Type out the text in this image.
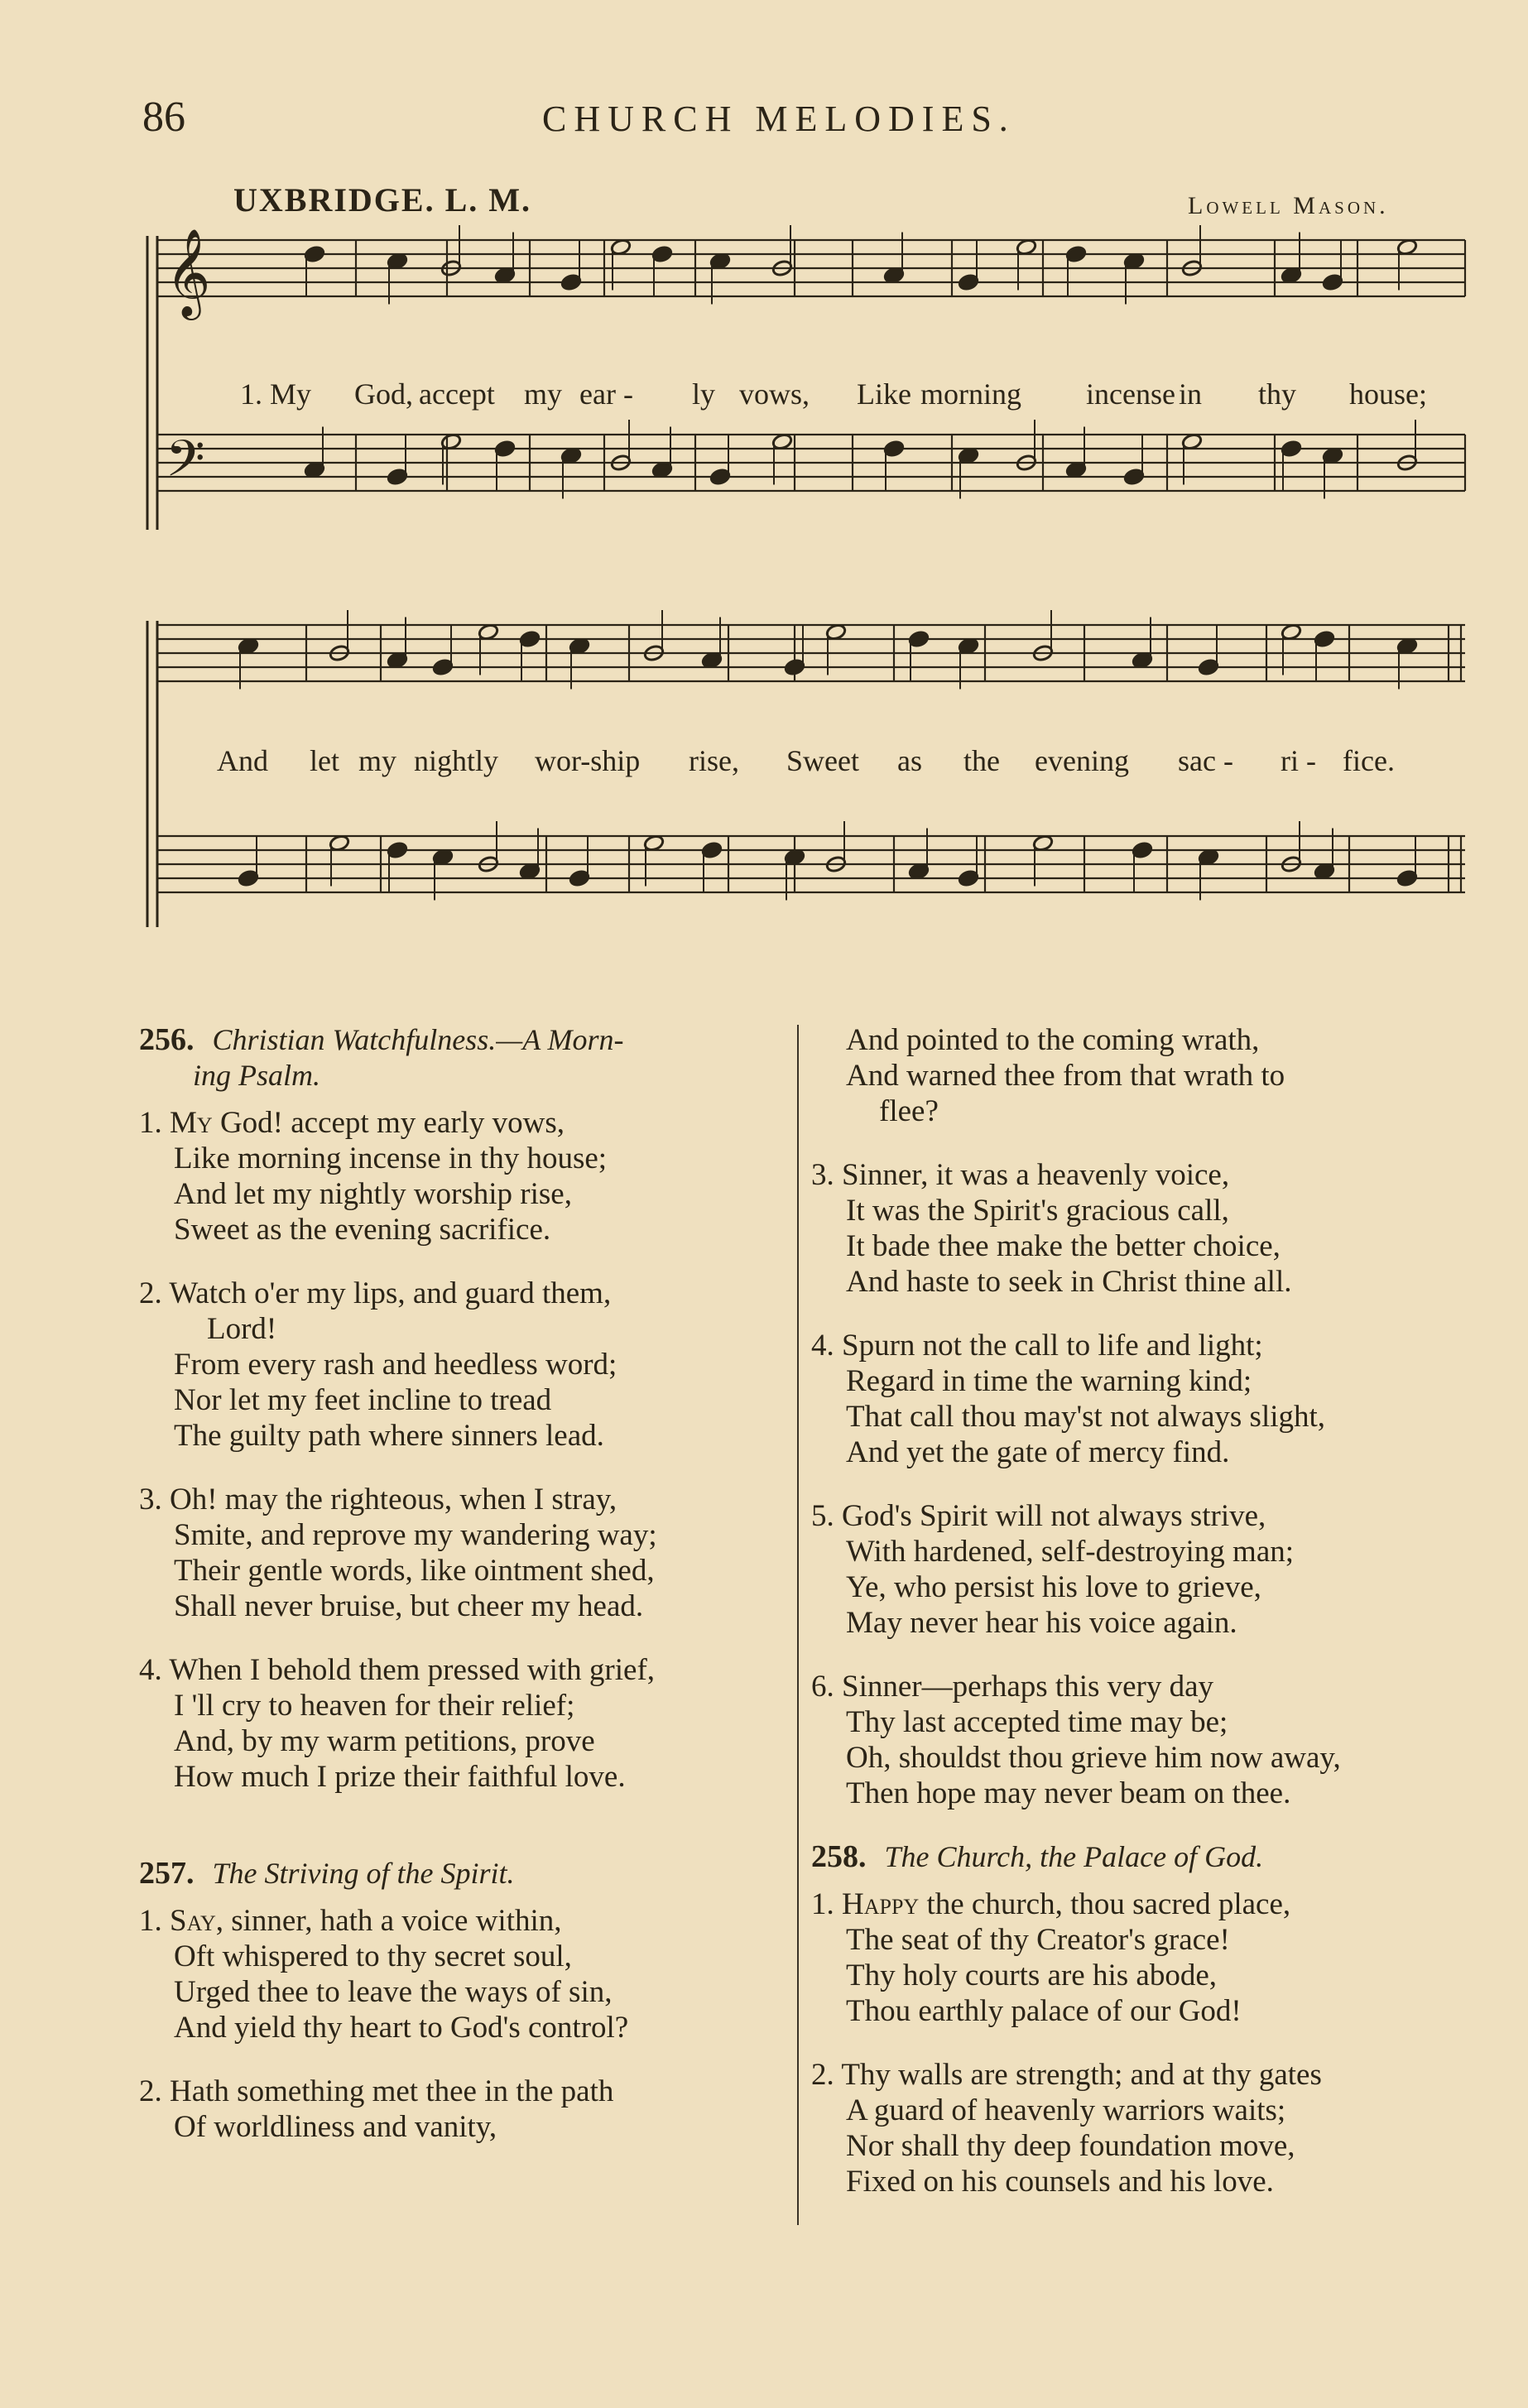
86	CHURCH MELODIES.
UXBRIDGE. L. M.	Lowell Mason.
𝄞
𝄢
1. My God, accept my ear - ly vows, Like morning incense in thy house;
And let my nightly wor-ship rise, Sweet as the evening sac - ri - fice.
256. Christian Watchfulness.—A Morn-
ing Psalm.
1. My God! accept my early vows,
Like morning incense in thy house;
And let my nightly worship rise,
Sweet as the evening sacrifice.
2. Watch o'er my lips, and guard them,
Lord!
From every rash and heedless word;
Nor let my feet incline to tread
The guilty path where sinners lead.
3. Oh! may the righteous, when I stray,
Smite, and reprove my wandering way;
Their gentle words, like ointment shed,
Shall never bruise, but cheer my head.
4. When I behold them pressed with grief,
I 'll cry to heaven for their relief;
And, by my warm petitions, prove
How much I prize their faithful love.
257. The Striving of the Spirit.
1. Say, sinner, hath a voice within,
Oft whispered to thy secret soul,
Urged thee to leave the ways of sin,
And yield thy heart to God's control?
2. Hath something met thee in the path
Of worldliness and vanity,
And pointed to the coming wrath,
And warned thee from that wrath to
flee?
3. Sinner, it was a heavenly voice,
It was the Spirit's gracious call,
It bade thee make the better choice,
And haste to seek in Christ thine all.
4. Spurn not the call to life and light;
Regard in time the warning kind;
That call thou may'st not always slight,
And yet the gate of mercy find.
5. God's Spirit will not always strive,
With hardened, self-destroying man;
Ye, who persist his love to grieve,
May never hear his voice again.
6. Sinner—perhaps this very day
Thy last accepted time may be;
Oh, shouldst thou grieve him now away,
Then hope may never beam on thee.
258. The Church, the Palace of God.
1. Happy the church, thou sacred place,
The seat of thy Creator's grace!
Thy holy courts are his abode,
Thou earthly palace of our God!
2. Thy walls are strength; and at thy gates
A guard of heavenly warriors waits;
Nor shall thy deep foundation move,
Fixed on his counsels and his love.
